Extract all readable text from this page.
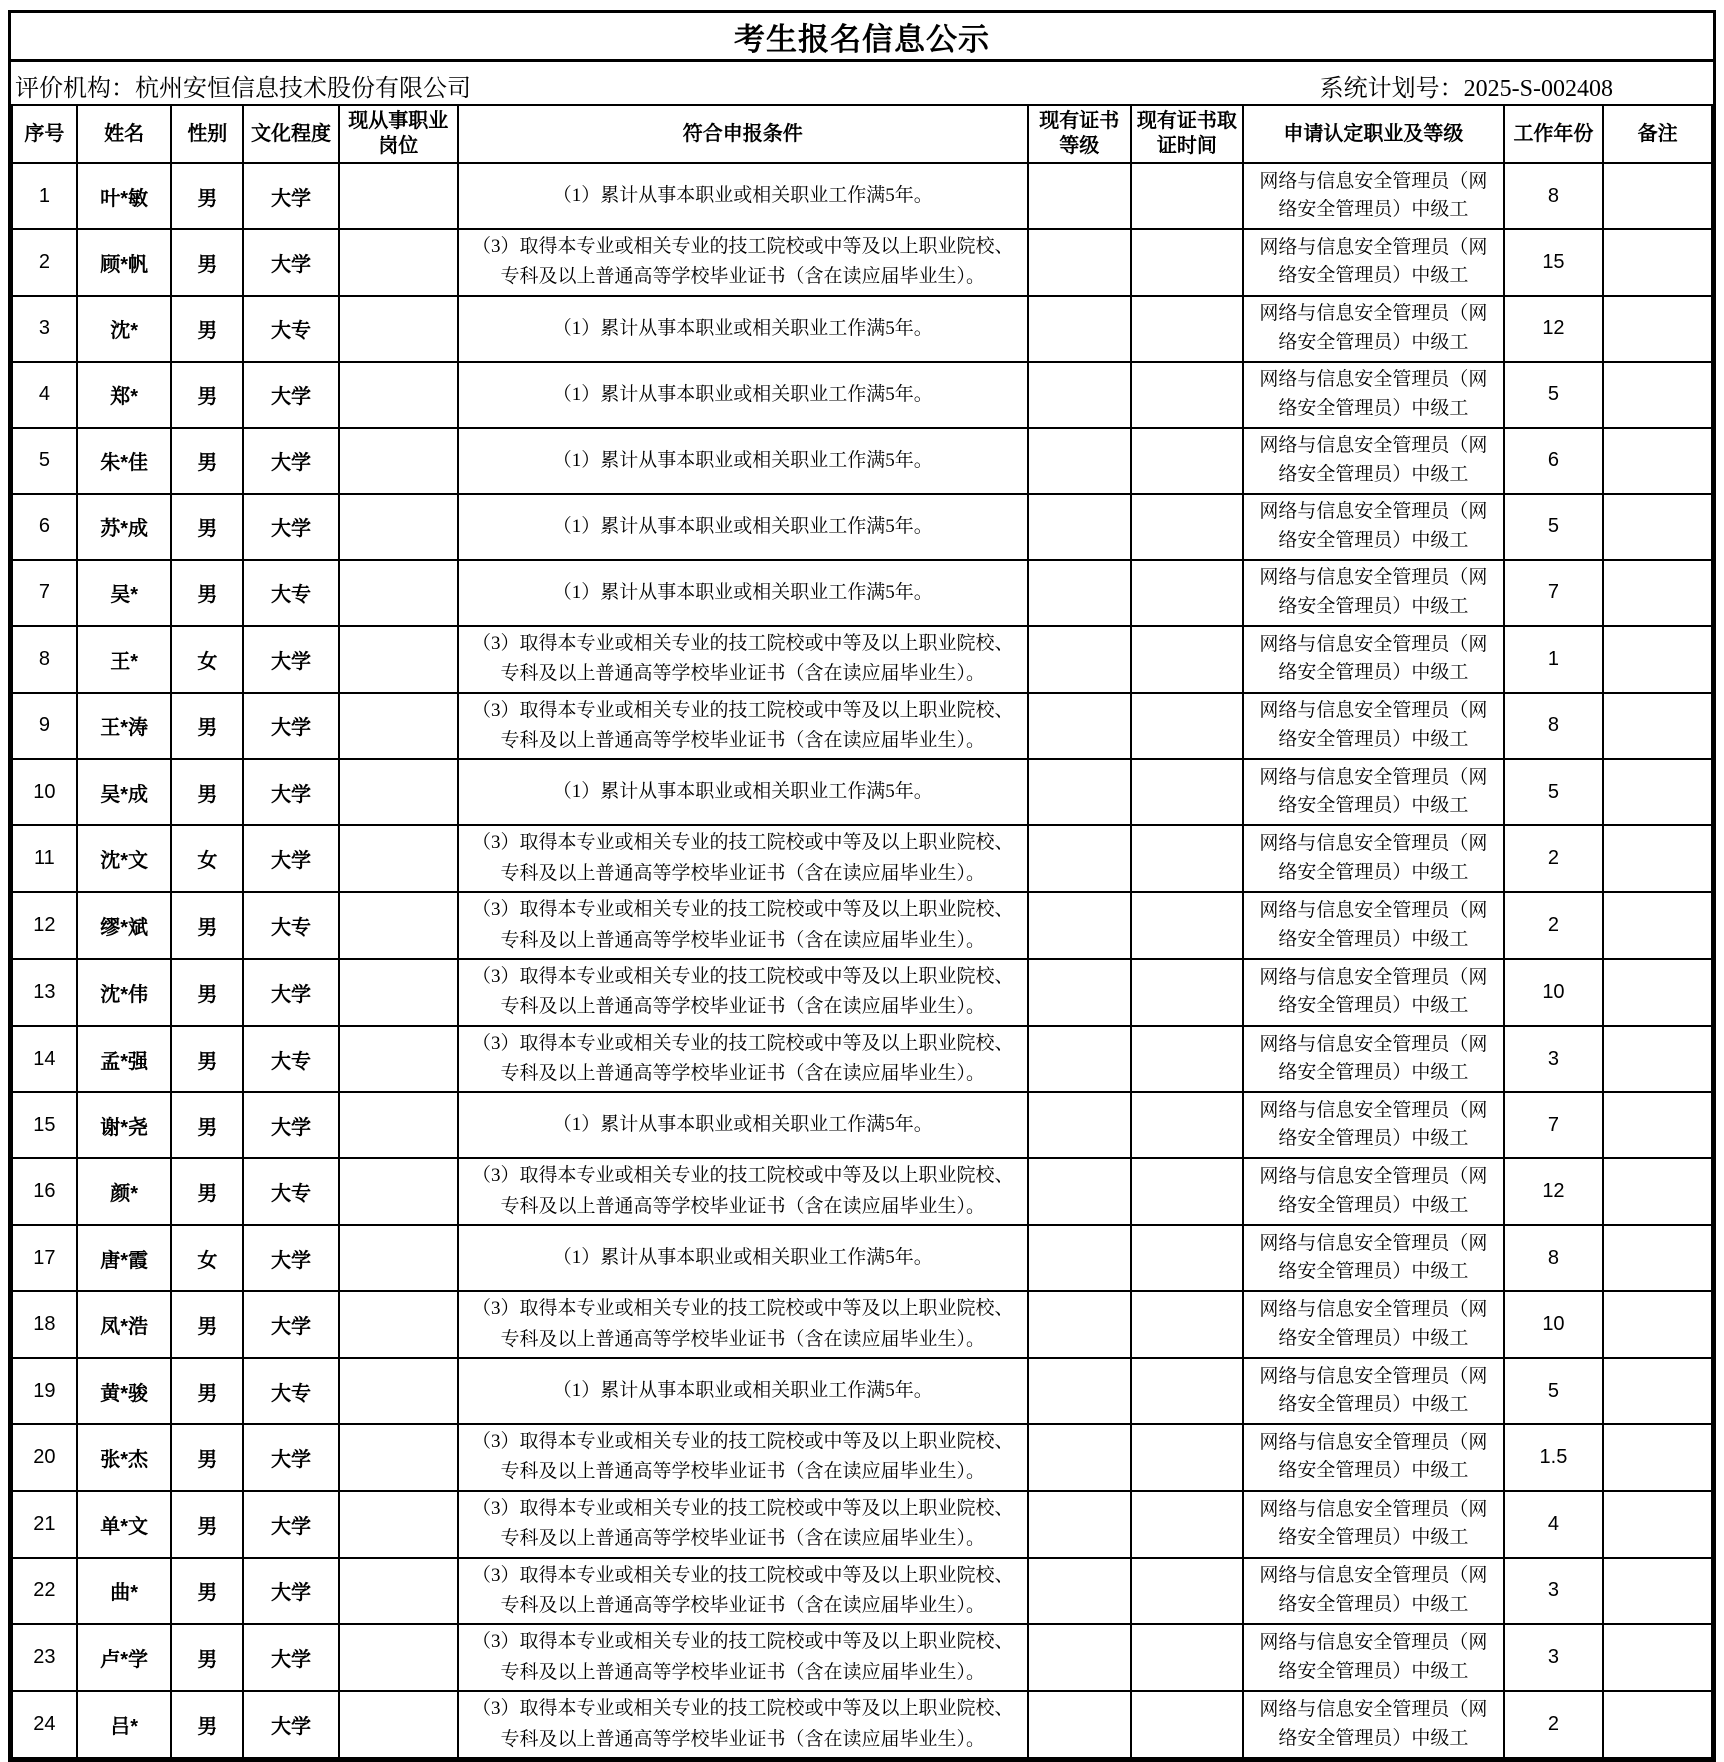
考生报名信息公示
评价机构：杭州安恒信息技术股份有限公司	系统计划号：2025-S-002408
序号	姓名	性别	文化程度	现从事职业岗位	符合申报条件	现有证书等级	现有证书取证时间	申请认定职业及等级	工作年份	备注
1	叶*敏	男	大学		（1）累计从事本职业或相关职业工作满5年。			网络与信息安全管理员（网络安全管理员）中级工	8	
2	顾*帆	男	大学		（3）取得本专业或相关专业的技工院校或中等及以上职业院校、专科及以上普通高等学校毕业证书（含在读应届毕业生）。			网络与信息安全管理员（网络安全管理员）中级工	15	
3	沈*	男	大专		（1）累计从事本职业或相关职业工作满5年。			网络与信息安全管理员（网络安全管理员）中级工	12	
4	郑*	男	大学		（1）累计从事本职业或相关职业工作满5年。			网络与信息安全管理员（网络安全管理员）中级工	5	
5	朱*佳	男	大学		（1）累计从事本职业或相关职业工作满5年。			网络与信息安全管理员（网络安全管理员）中级工	6	
6	苏*成	男	大学		（1）累计从事本职业或相关职业工作满5年。			网络与信息安全管理员（网络安全管理员）中级工	5	
7	吴*	男	大专		（1）累计从事本职业或相关职业工作满5年。			网络与信息安全管理员（网络安全管理员）中级工	7	
8	王*	女	大学		（3）取得本专业或相关专业的技工院校或中等及以上职业院校、专科及以上普通高等学校毕业证书（含在读应届毕业生）。			网络与信息安全管理员（网络安全管理员）中级工	1	
9	王*涛	男	大学		（3）取得本专业或相关专业的技工院校或中等及以上职业院校、专科及以上普通高等学校毕业证书（含在读应届毕业生）。			网络与信息安全管理员（网络安全管理员）中级工	8	
10	吴*成	男	大学		（1）累计从事本职业或相关职业工作满5年。			网络与信息安全管理员（网络安全管理员）中级工	5	
11	沈*文	女	大学		（3）取得本专业或相关专业的技工院校或中等及以上职业院校、专科及以上普通高等学校毕业证书（含在读应届毕业生）。			网络与信息安全管理员（网络安全管理员）中级工	2	
12	缪*斌	男	大专		（3）取得本专业或相关专业的技工院校或中等及以上职业院校、专科及以上普通高等学校毕业证书（含在读应届毕业生）。			网络与信息安全管理员（网络安全管理员）中级工	2	
13	沈*伟	男	大学		（3）取得本专业或相关专业的技工院校或中等及以上职业院校、专科及以上普通高等学校毕业证书（含在读应届毕业生）。			网络与信息安全管理员（网络安全管理员）中级工	10	
14	孟*强	男	大专		（3）取得本专业或相关专业的技工院校或中等及以上职业院校、专科及以上普通高等学校毕业证书（含在读应届毕业生）。			网络与信息安全管理员（网络安全管理员）中级工	3	
15	谢*尧	男	大学		（1）累计从事本职业或相关职业工作满5年。			网络与信息安全管理员（网络安全管理员）中级工	7	
16	颜*	男	大专		（3）取得本专业或相关专业的技工院校或中等及以上职业院校、专科及以上普通高等学校毕业证书（含在读应届毕业生）。			网络与信息安全管理员（网络安全管理员）中级工	12	
17	唐*霞	女	大学		（1）累计从事本职业或相关职业工作满5年。			网络与信息安全管理员（网络安全管理员）中级工	8	
18	凤*浩	男	大学		（3）取得本专业或相关专业的技工院校或中等及以上职业院校、专科及以上普通高等学校毕业证书（含在读应届毕业生）。			网络与信息安全管理员（网络安全管理员）中级工	10	
19	黄*骏	男	大专		（1）累计从事本职业或相关职业工作满5年。			网络与信息安全管理员（网络安全管理员）中级工	5	
20	张*杰	男	大学		（3）取得本专业或相关专业的技工院校或中等及以上职业院校、专科及以上普通高等学校毕业证书（含在读应届毕业生）。			网络与信息安全管理员（网络安全管理员）中级工	1.5	
21	单*文	男	大学		（3）取得本专业或相关专业的技工院校或中等及以上职业院校、专科及以上普通高等学校毕业证书（含在读应届毕业生）。			网络与信息安全管理员（网络安全管理员）中级工	4	
22	曲*	男	大学		（3）取得本专业或相关专业的技工院校或中等及以上职业院校、专科及以上普通高等学校毕业证书（含在读应届毕业生）。			网络与信息安全管理员（网络安全管理员）中级工	3	
23	卢*学	男	大学		（3）取得本专业或相关专业的技工院校或中等及以上职业院校、专科及以上普通高等学校毕业证书（含在读应届毕业生）。			网络与信息安全管理员（网络安全管理员）中级工	3	
24	吕*	男	大学		（3）取得本专业或相关专业的技工院校或中等及以上职业院校、专科及以上普通高等学校毕业证书（含在读应届毕业生）。			网络与信息安全管理员（网络安全管理员）中级工	2	
